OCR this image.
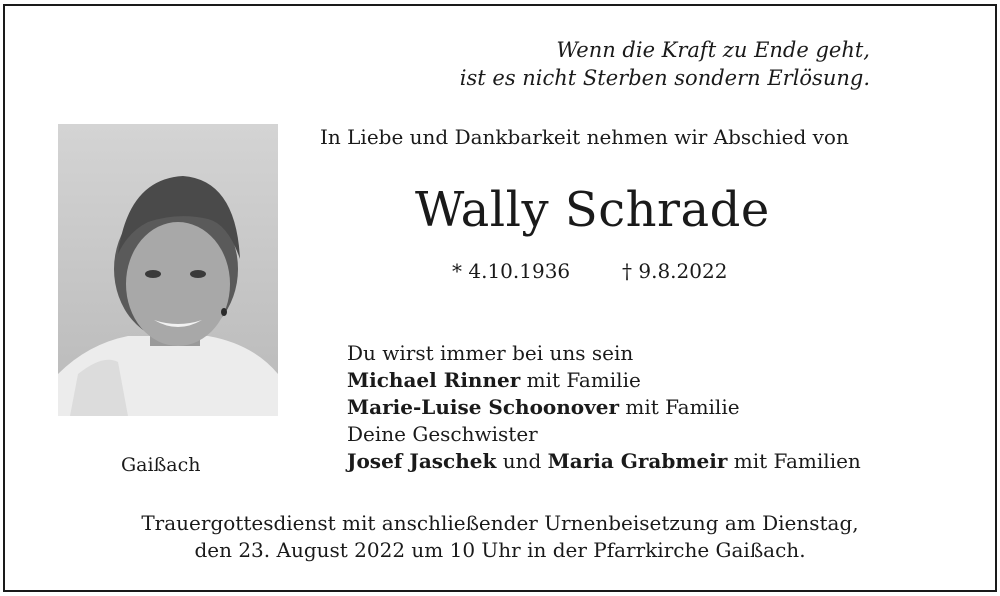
Wenn die Kraft zu Ende geht,
ist es nicht Sterben sondern Erlösung.
In Liebe und Dankbarkeit nehmen wir Abschied von
Wally Schrade
* 4.10.1936	† 9.8.2022
Du wirst immer bei uns sein
Michael Rinner mit Familie
Marie-Luise Schoonover mit Familie
Deine Geschwister
Josef Jaschek und Maria Grabmeir mit Familien
Gaißach
Trauergottesdienst mit anschließender Urnenbeisetzung am Dienstag,
den 23. August 2022 um 10 Uhr in der Pfarrkirche Gaißach.
